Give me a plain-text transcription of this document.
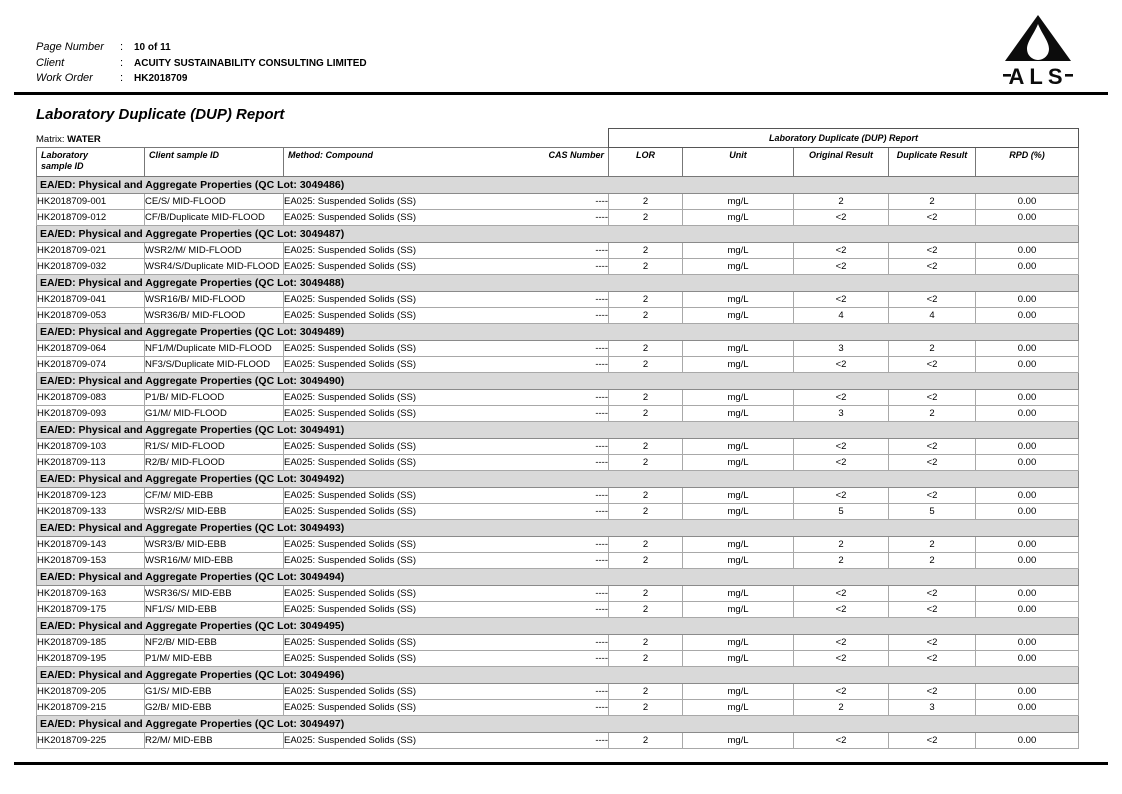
Page Number	:	10 of 11
Client	:	ACUITY SUSTAINABILITY CONSULTING LIMITED
Work Order	:	HK2018709	ALS
Laboratory Duplicate (DUP) Report
Matrix: WATER
				Laboratory Duplicate (DUP) Report				

Laboratory
sample ID	Client sample ID	Method: Compound	CAS Number	LOR	Unit	Original Result	Duplicate Result	RPD (%)
EA/ED: Physical and Aggregate Properties (QC Lot: 3049486)								
HK2018709-001	CE/S/ MID-FLOOD	EA025: Suspended Solids (SS)	----	2	mg/L	2	2	0.00
HK2018709-012	CF/B/Duplicate MID-FLOOD	EA025: Suspended Solids (SS)	----	2	mg/L	<2	<2	0.00
EA/ED: Physical and Aggregate Properties (QC Lot: 3049487)								
HK2018709-021	WSR2/M/ MID-FLOOD	EA025: Suspended Solids (SS)	----	2	mg/L	<2	<2	0.00
HK2018709-032	WSR4/S/Duplicate MID-FLOOD	EA025: Suspended Solids (SS)	----	2	mg/L	<2	<2	0.00
EA/ED: Physical and Aggregate Properties (QC Lot: 3049488)								
HK2018709-041	WSR16/B/ MID-FLOOD	EA025: Suspended Solids (SS)	----	2	mg/L	<2	<2	0.00
HK2018709-053	WSR36/B/ MID-FLOOD	EA025: Suspended Solids (SS)	----	2	mg/L	4	4	0.00
EA/ED: Physical and Aggregate Properties (QC Lot: 3049489)								
HK2018709-064	NF1/M/Duplicate MID-FLOOD	EA025: Suspended Solids (SS)	----	2	mg/L	3	2	0.00
HK2018709-074	NF3/S/Duplicate MID-FLOOD	EA025: Suspended Solids (SS)	----	2	mg/L	<2	<2	0.00
EA/ED: Physical and Aggregate Properties (QC Lot: 3049490)								
HK2018709-083	P1/B/ MID-FLOOD	EA025: Suspended Solids (SS)	----	2	mg/L	<2	<2	0.00
HK2018709-093	G1/M/ MID-FLOOD	EA025: Suspended Solids (SS)	----	2	mg/L	3	2	0.00
EA/ED: Physical and Aggregate Properties (QC Lot: 3049491)								
HK2018709-103	R1/S/ MID-FLOOD	EA025: Suspended Solids (SS)	----	2	mg/L	<2	<2	0.00
HK2018709-113	R2/B/ MID-FLOOD	EA025: Suspended Solids (SS)	----	2	mg/L	<2	<2	0.00
EA/ED: Physical and Aggregate Properties (QC Lot: 3049492)								
HK2018709-123	CF/M/ MID-EBB	EA025: Suspended Solids (SS)	----	2	mg/L	<2	<2	0.00
HK2018709-133	WSR2/S/ MID-EBB	EA025: Suspended Solids (SS)	----	2	mg/L	5	5	0.00
EA/ED: Physical and Aggregate Properties (QC Lot: 3049493)								
HK2018709-143	WSR3/B/ MID-EBB	EA025: Suspended Solids (SS)	----	2	mg/L	2	2	0.00
HK2018709-153	WSR16/M/ MID-EBB	EA025: Suspended Solids (SS)	----	2	mg/L	2	2	0.00
EA/ED: Physical and Aggregate Properties (QC Lot: 3049494)								
HK2018709-163	WSR36/S/ MID-EBB	EA025: Suspended Solids (SS)	----	2	mg/L	<2	<2	0.00
HK2018709-175	NF1/S/ MID-EBB	EA025: Suspended Solids (SS)	----	2	mg/L	<2	<2	0.00
EA/ED: Physical and Aggregate Properties (QC Lot: 3049495)								
HK2018709-185	NF2/B/ MID-EBB	EA025: Suspended Solids (SS)	----	2	mg/L	<2	<2	0.00
HK2018709-195	P1/M/ MID-EBB	EA025: Suspended Solids (SS)	----	2	mg/L	<2	<2	0.00
EA/ED: Physical and Aggregate Properties (QC Lot: 3049496)								
HK2018709-205	G1/S/ MID-EBB	EA025: Suspended Solids (SS)	----	2	mg/L	<2	<2	0.00
HK2018709-215	G2/B/ MID-EBB	EA025: Suspended Solids (SS)	----	2	mg/L	2	3	0.00
EA/ED: Physical and Aggregate Properties (QC Lot: 3049497)								
HK2018709-225	R2/M/ MID-EBB	EA025: Suspended Solids (SS)	----	2	mg/L	<2	<2	0.00
